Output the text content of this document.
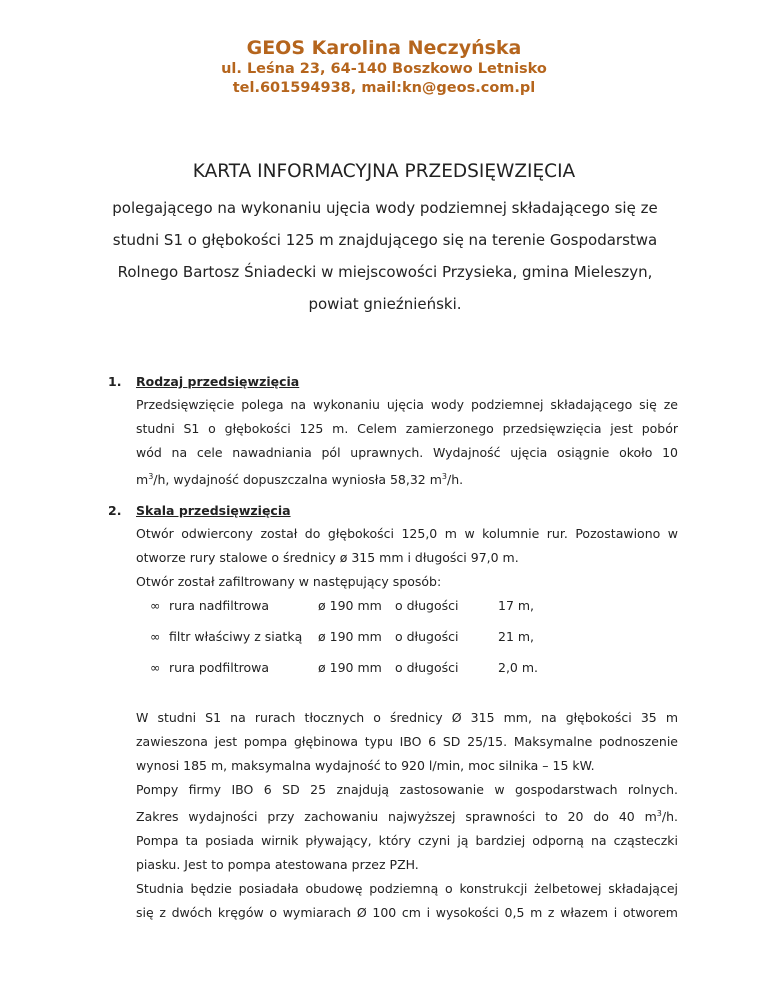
GEOS Karolina Neczyńska
ul. Leśna 23, 64-140 Boszkowo Letnisko
tel.601594938, mail:kn@geos.com.pl
KARTA INFORMACYJNA PRZEDSIĘWZIĘCIA
polegającego na wykonaniu ujęcia wody podziemnej składającego się ze
studni S1 o głębokości 125 m znajdującego się na terenie Gospodarstwa
Rolnego Bartosz Śniadecki w miejscowości Przysieka, gmina Mieleszyn,
powiat gnieźnieński.
1. Rodzaj przedsięwzięcia
Przedsięwzięcie polega na wykonaniu ujęcia wody podziemnej składającego się ze
studni S1 o głębokości 125 m. Celem zamierzonego przedsięwzięcia jest pobór
wód na cele nawadniania pól uprawnych. Wydajność ujęcia osiągnie około 10
$m^3/h$, wydajność dopuszczalna wyniosła 58,32 $m^3/h$.
2. Skala przedsięwzięcia
Otwór odwiercony został do głębokości 125,0 m w kolumnie rur. Pozostawiono w
otworze rury stalowe o średnicy ø 315 mm i długości 97,0 m.
Otwór został zafiltrowany w następujący sposób:
∞ rura nadfiltrowa	ø 190 mm o długości	17 m,
∞ filtr właściwy z siatką ø 190 mm o długości	21 m,
∞ rura podfiltrowa	ø 190 mm o długości	2,0 m.
W studni S1 na rurach tłocznych o średnicy Ø 315 mm, na głębokości 35 m
zawieszona jest pompa głębinowa typu IBO 6 SD 25/15. Maksymalne podnoszenie
wynosi 185 m, maksymalna wydajność to 920 l/min, moc silnika – 15 kW.
Pompy firmy IBO 6 SD 25 znajdują zastosowanie w gospodarstwach rolnych.
Zakres wydajności przy zachowaniu najwyższej sprawności to 20 do 40 $m^3/h$.
Pompa ta posiada wirnik pływający, który czyni ją bardziej odporną na cząsteczki
piasku. Jest to pompa atestowana przez PZH.
Studnia będzie posiadała obudowę podziemną o konstrukcji żelbetowej składającej
się z dwóch kręgów o wymiarach Ø 100 cm i wysokości 0,5 m z włazem i otworem
